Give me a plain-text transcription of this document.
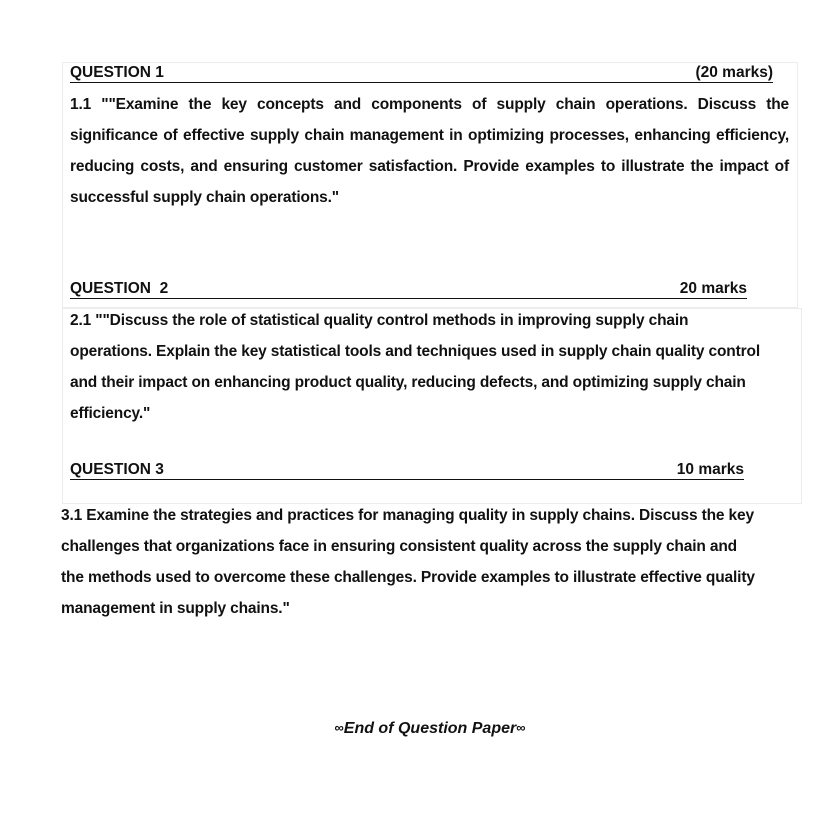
QUESTION 1	(20 marks)

1.1 ""Examine the key concepts and components of supply chain operations. Discuss the significance of effective supply chain management in optimizing processes, enhancing efficiency, reducing costs, and ensuring customer satisfaction. Provide examples to illustrate the impact of successful supply chain operations."

QUESTION  2	20 marks

2.1 ""Discuss the role of statistical quality control methods in improving supply chain operations. Explain the key statistical tools and techniques used in supply chain quality control and their impact on enhancing product quality, reducing defects, and optimizing supply chain efficiency."

QUESTION 3	10 marks

3.1 Examine the strategies and practices for managing quality in supply chains. Discuss the key challenges that organizations face in ensuring consistent quality across the supply chain and the methods used to overcome these challenges. Provide examples to illustrate effective quality management in supply chains."

∞End of Question Paper∞
